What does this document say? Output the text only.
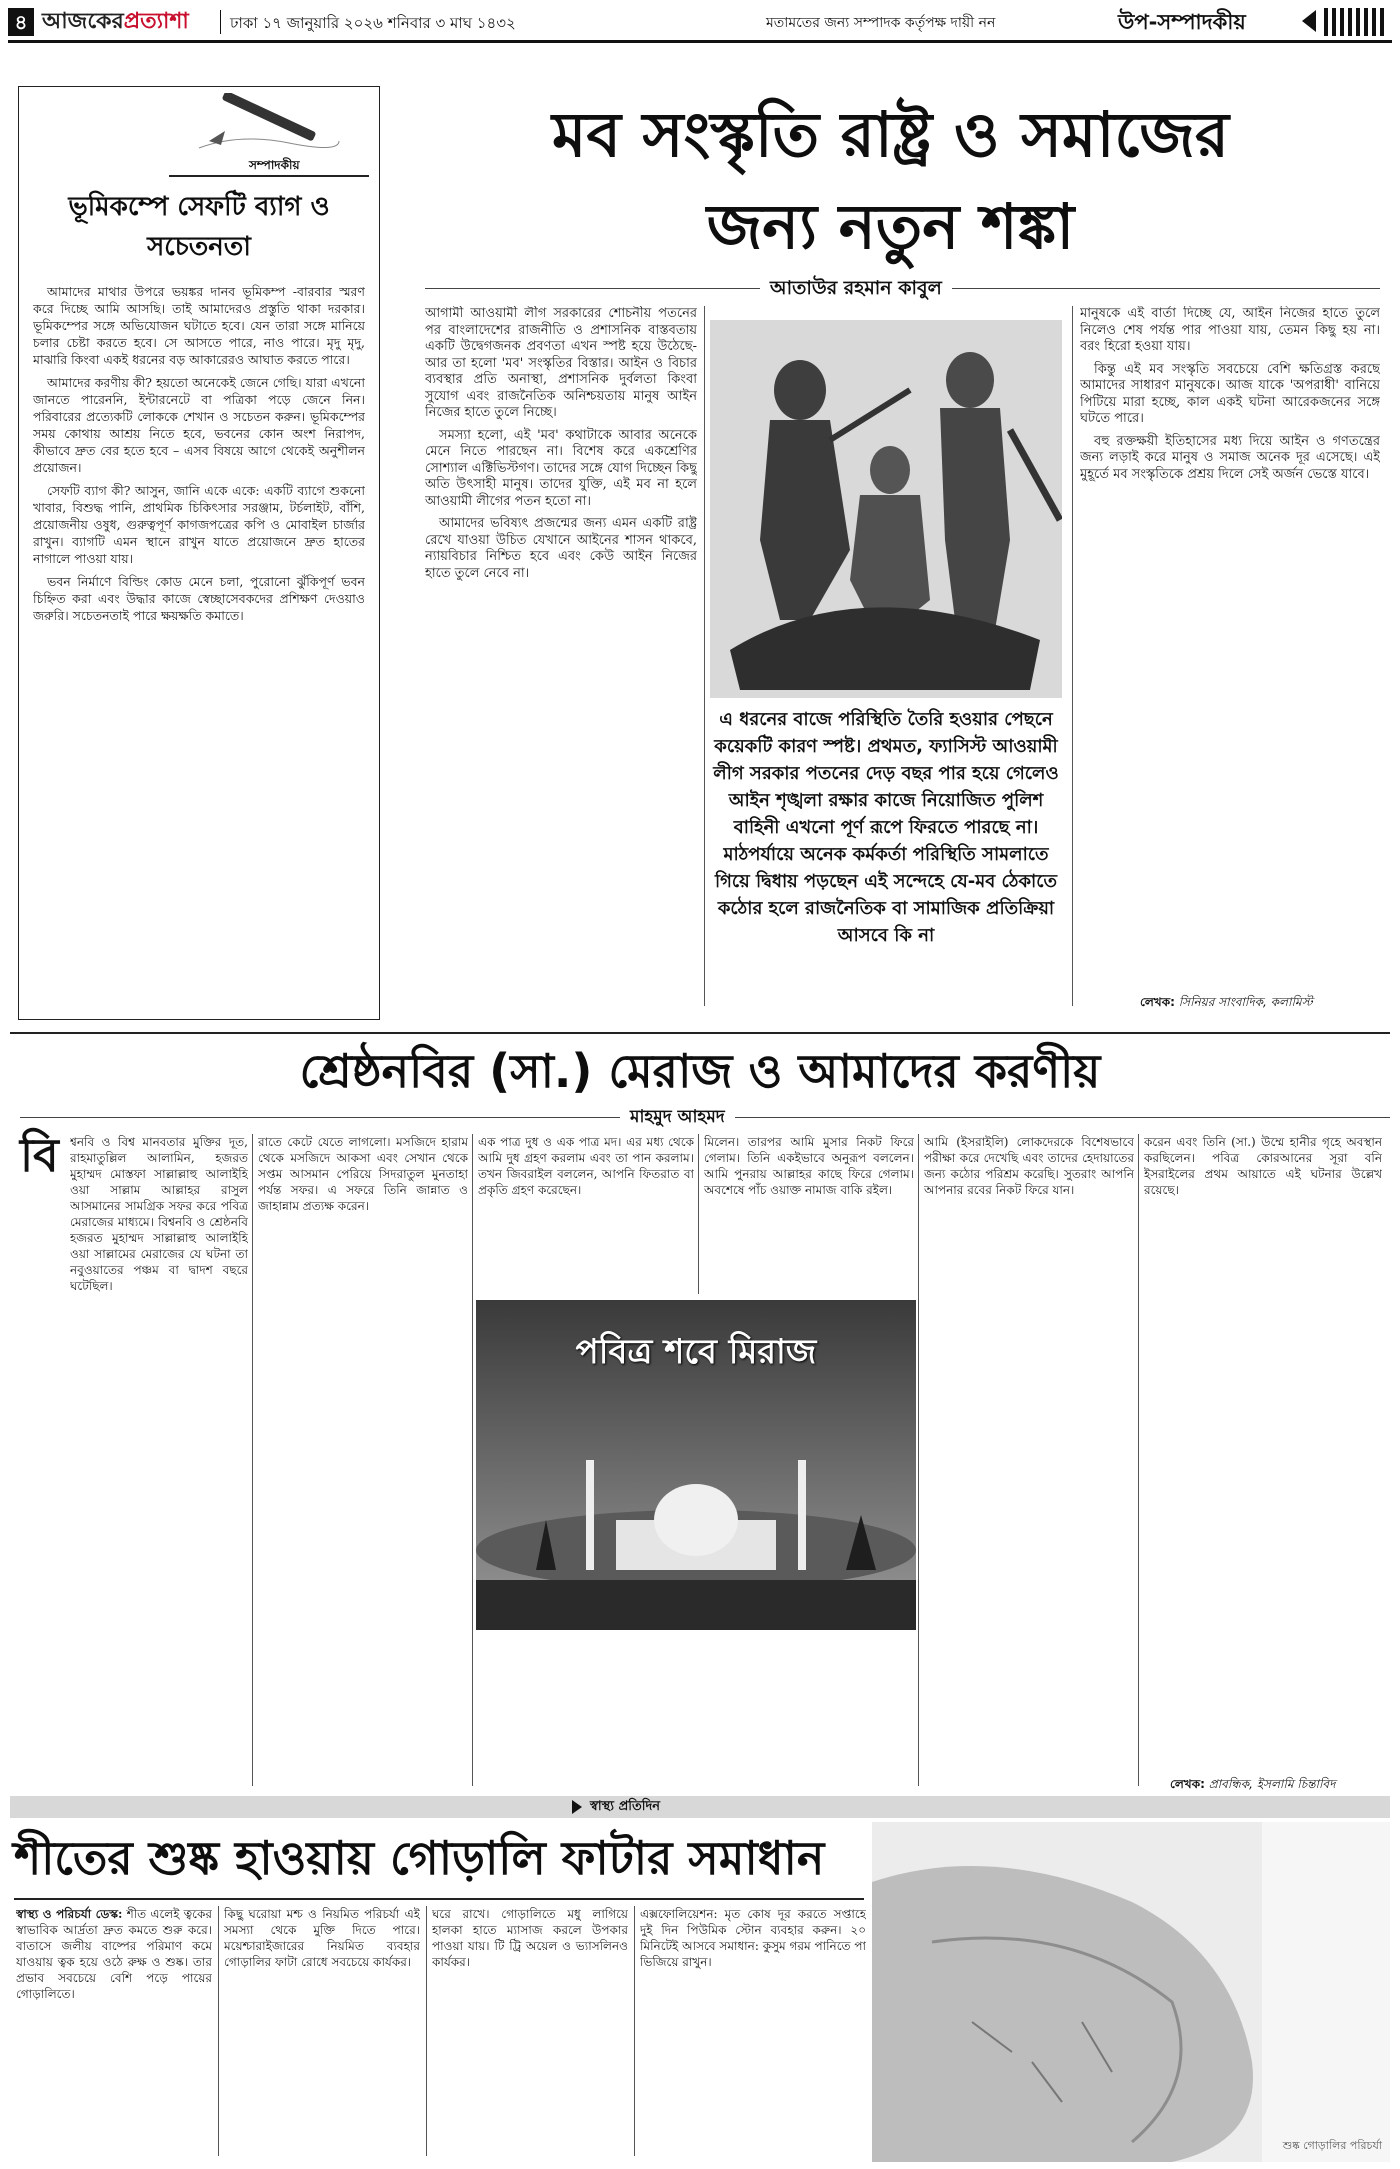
৪ আজকেরপ্রত্যাশা	ঢাকা ১৭ জানুয়ারি ২০২৬ শনিবার ৩ মাঘ ১৪৩২	মতামতের জন্য সম্পাদক কর্তৃপক্ষ দায়ী নন	উপ-সম্পাদকীয়
সম্পাদকীয়
ভূমিকম্পে সেফটি ব্যাগ ও সচেতনতা

আমাদের মাথার উপরে ভয়ঙ্কর দানব ভূমিকম্প -বারবার স্মরণ করে দিচ্ছে আমি আসছি। তাই আমাদেরও প্রস্তুতি থাকা দরকার। ভূমিকম্পের সঙ্গে অভিযোজন ঘটাতে হবে। যেন তারা সঙ্গে মানিয়ে চলার চেষ্টা করতে হবে। সে আসতে পারে, নাও পারে। মৃদু মৃদু, মাঝারি কিংবা একই ধরনের বড় আকারেরও আঘাত করতে পারে।

আমাদের করণীয় কী? হয়তো অনেকেই জেনে গেছি। যারা এখনো জানতে পারেননি, ইন্টারনেটে বা পত্রিকা পড়ে জেনে নিন। পরিবারের প্রত্যেকটি লোককে শেখান ও সচেতন করুন। ভূমিকম্পের সময় কোথায় আশ্রয় নিতে হবে, ভবনের কোন অংশ নিরাপদ, কীভাবে দ্রুত বের হতে হবে – এসব বিষয়ে আগে থেকেই অনুশীলন প্রয়োজন।

সেফটি ব্যাগ কী? আসুন, জানি একে একে: একটি ব্যাগে শুকনো খাবার, বিশুদ্ধ পানি, প্রাথমিক চিকিৎসার সরঞ্জাম, টর্চলাইট, বাঁশি, প্রয়োজনীয় ওষুধ, গুরুত্বপূর্ণ কাগজপত্রের কপি ও মোবাইল চার্জার রাখুন। ব্যাগটি এমন স্থানে রাখুন যাতে প্রয়োজনে দ্রুত হাতের নাগালে পাওয়া যায়।

ভবন নির্মাণে বিল্ডিং কোড মেনে চলা, পুরোনো ঝুঁকিপূর্ণ ভবন চিহ্নিত করা এবং উদ্ধার কাজে স্বেচ্ছাসেবকদের প্রশিক্ষণ দেওয়াও জরুরি। সচেতনতাই পারে ক্ষয়ক্ষতি কমাতে।

মব সংস্কৃতি রাষ্ট্র ও সমাজের
জন্য নতুন শঙ্কা
আতাউর রহমান কাবুল

আগামী আওয়ামী লীগ সরকারের শোচনীয় পতনের পর বাংলাদেশের রাজনীতি ও প্রশাসনিক বাস্তবতায় একটি উদ্বেগজনক প্রবণতা এখন স্পষ্ট হয়ে উঠেছে- আর তা হলো 'মব' সংস্কৃতির বিস্তার। আইন ও বিচার ব্যবস্থার প্রতি অনাস্থা, প্রশাসনিক দুর্বলতা কিংবা সুযোগ এবং রাজনৈতিক অনিশ্চয়তায় মানুষ আইন নিজের হাতে তুলে নিচ্ছে।

সমস্যা হলো, এই 'মব' কথাটাকে আবার অনেকে মেনে নিতে পারছেন না। বিশেষ করে একশ্রেণির সোশ্যাল এক্টিভিস্টগণ। তাদের সঙ্গে যোগ দিচ্ছেন কিছু অতি উৎসাহী মানুষ। তাদের যুক্তি, এই মব না হলে আওয়ামী লীগের পতন হতো না।

আমাদের ভবিষ্যৎ প্রজন্মের জন্য এমন একটি রাষ্ট্র রেখে যাওয়া উচিত যেখানে আইনের শাসন থাকবে, ন্যায়বিচার নিশ্চিত হবে এবং কেউ আইন নিজের হাতে তুলে নেবে না।

এ ধরনের বাজে পরিস্থিতি তৈরি হওয়ার পেছনে কয়েকটি কারণ স্পষ্ট। প্রথমত, ফ্যাসিস্ট আওয়ামী লীগ সরকার পতনের দেড় বছর পার হয়ে গেলেও আইন শৃঙ্খলা রক্ষার কাজে নিয়োজিত পুলিশ বাহিনী এখনো পূর্ণ রূপে ফিরতে পারছে না। মাঠপর্যায়ে অনেক কর্মকর্তা পরিস্থিতি সামলাতে গিয়ে দ্বিধায় পড়ছেন এই সন্দেহে যে-মব ঠেকাতে কঠোর হলে রাজনৈতিক বা সামাজিক প্রতিক্রিয়া আসবে কি না

মানুষকে এই বার্তা দিচ্ছে যে, আইন নিজের হাতে তুলে নিলেও শেষ পর্যন্ত পার পাওয়া যায়, তেমন কিছু হয় না। বরং হিরো হওয়া যায়।

কিন্তু এই মব সংস্কৃতি সবচেয়ে বেশি ক্ষতিগ্রস্ত করছে আমাদের সাধারণ মানুষকে। আজ যাকে 'অপরাধী' বানিয়ে পিটিয়ে মারা হচ্ছে, কাল একই ঘটনা আরেকজনের সঙ্গে ঘটতে পারে।

বহু রক্তক্ষয়ী ইতিহাসের মধ্য দিয়ে আইন ও গণতন্ত্রের জন্য লড়াই করে মানুষ ও সমাজ অনেক দূর এসেছে। এই মুহূর্তে মব সংস্কৃতিকে প্রশ্রয় দিলে সেই অর্জন ভেস্তে যাবে।

লেখক: সিনিয়র সাংবাদিক, কলামিস্ট
শ্রেষ্ঠনবির (সা.) মেরাজ ও আমাদের করণীয়
মাহমুদ আহমদ
বি শ্বনবি ও বিশ্ব মানবতার মুক্তির দূত, রাহমাতুল্লিল আলামিন, হজরত মুহাম্মদ মোস্তফা সাল্লাল্লাহু আলাইহি ওয়া সাল্লাম আল্লাহর রাসুল আসমানের সামগ্রিক সফর করে পবিত্র মেরাজের মাধ্যমে। বিশ্বনবি ও শ্রেষ্ঠনবি হজরত মুহাম্মদ সাল্লাল্লাহু আলাইহি ওয়া সাল্লামের মেরাজের যে ঘটনা তা নবুওয়াতের পঞ্চম বা দ্বাদশ বছরে ঘটেছিল।
রাতে কেটে যেতে লাগলো। মসজিদে হারাম থেকে মসজিদে আকসা এবং সেখান থেকে সপ্তম আসমান পেরিয়ে সিদরাতুল মুনতাহা পর্যন্ত সফর। এ সফরে তিনি জান্নাত ও জাহান্নাম প্রত্যক্ষ করেন।
এক পাত্র দুধ ও এক পাত্র মদ। এর মধ্য থেকে আমি দুধ গ্রহণ করলাম এবং তা পান করলাম। তখন জিবরাইল বললেন, আপনি ফিতরাত বা প্রকৃতি গ্রহণ করেছেন।
মিলেন। তারপর আমি মুসার নিকট ফিরে গেলাম। তিনি একইভাবে অনুরূপ বললেন। আমি পুনরায় আল্লাহর কাছে ফিরে গেলাম। অবশেষে পাঁচ ওয়াক্ত নামাজ বাকি রইল।
আমি (ইসরাইলি) লোকদেরকে বিশেষভাবে পরীক্ষা করে দেখেছি এবং তাদের হেদায়াতের জন্য কঠোর পরিশ্রম করেছি। সুতরাং আপনি আপনার রবের নিকট ফিরে যান।
করেন এবং তিনি (সা.) উম্মে হানীর গৃহে অবস্থান করছিলেন। পবিত্র কোরআনের সূরা বনি ইসরাইলের প্রথম আয়াতে এই ঘটনার উল্লেখ রয়েছে।
পবিত্র শবে মিরাজ
লেখক: প্রাবন্ধিক, ইসলামি চিন্তাবিদ
স্বাস্থ্য প্রতিদিন
শীতের শুষ্ক হাওয়ায় গোড়ালি ফাটার সমাধান
স্বাস্থ্য ও পরিচর্যা ডেস্ক: শীত এলেই ত্বকের স্বাভাবিক আর্দ্রতা দ্রুত কমতে শুরু করে। বাতাসে জলীয় বাষ্পের পরিমাণ কমে যাওয়ায় ত্বক হয়ে ওঠে রুক্ষ ও শুষ্ক। তার প্রভাব সবচেয়ে বেশি পড়ে পায়ের গোড়ালিতে।
কিছু ঘরোয়া মশ্চ ও নিয়মিত পরিচর্যা এই সমস্যা থেকে মুক্তি দিতে পারে। ময়েশ্চারাইজারের নিয়মিত ব্যবহার গোড়ালির ফাটা রোধে সবচেয়ে কার্যকর।
ঘরে রাখে। গোড়ালিতে মধু লাগিয়ে হালকা হাতে ম্যাসাজ করলে উপকার পাওয়া যায়। টি ট্রি অয়েল ও ভ্যাসলিনও কার্যকর।
এক্সফোলিয়েশন: মৃত কোষ দূর করতে সপ্তাহে দুই দিন পিউমিক স্টোন ব্যবহার করুন। ২০ মিনিটেই আসবে সমাধান: কুসুম গরম পানিতে পা ভিজিয়ে রাখুন।
শুষ্ক গোড়ালির পরিচর্যা
